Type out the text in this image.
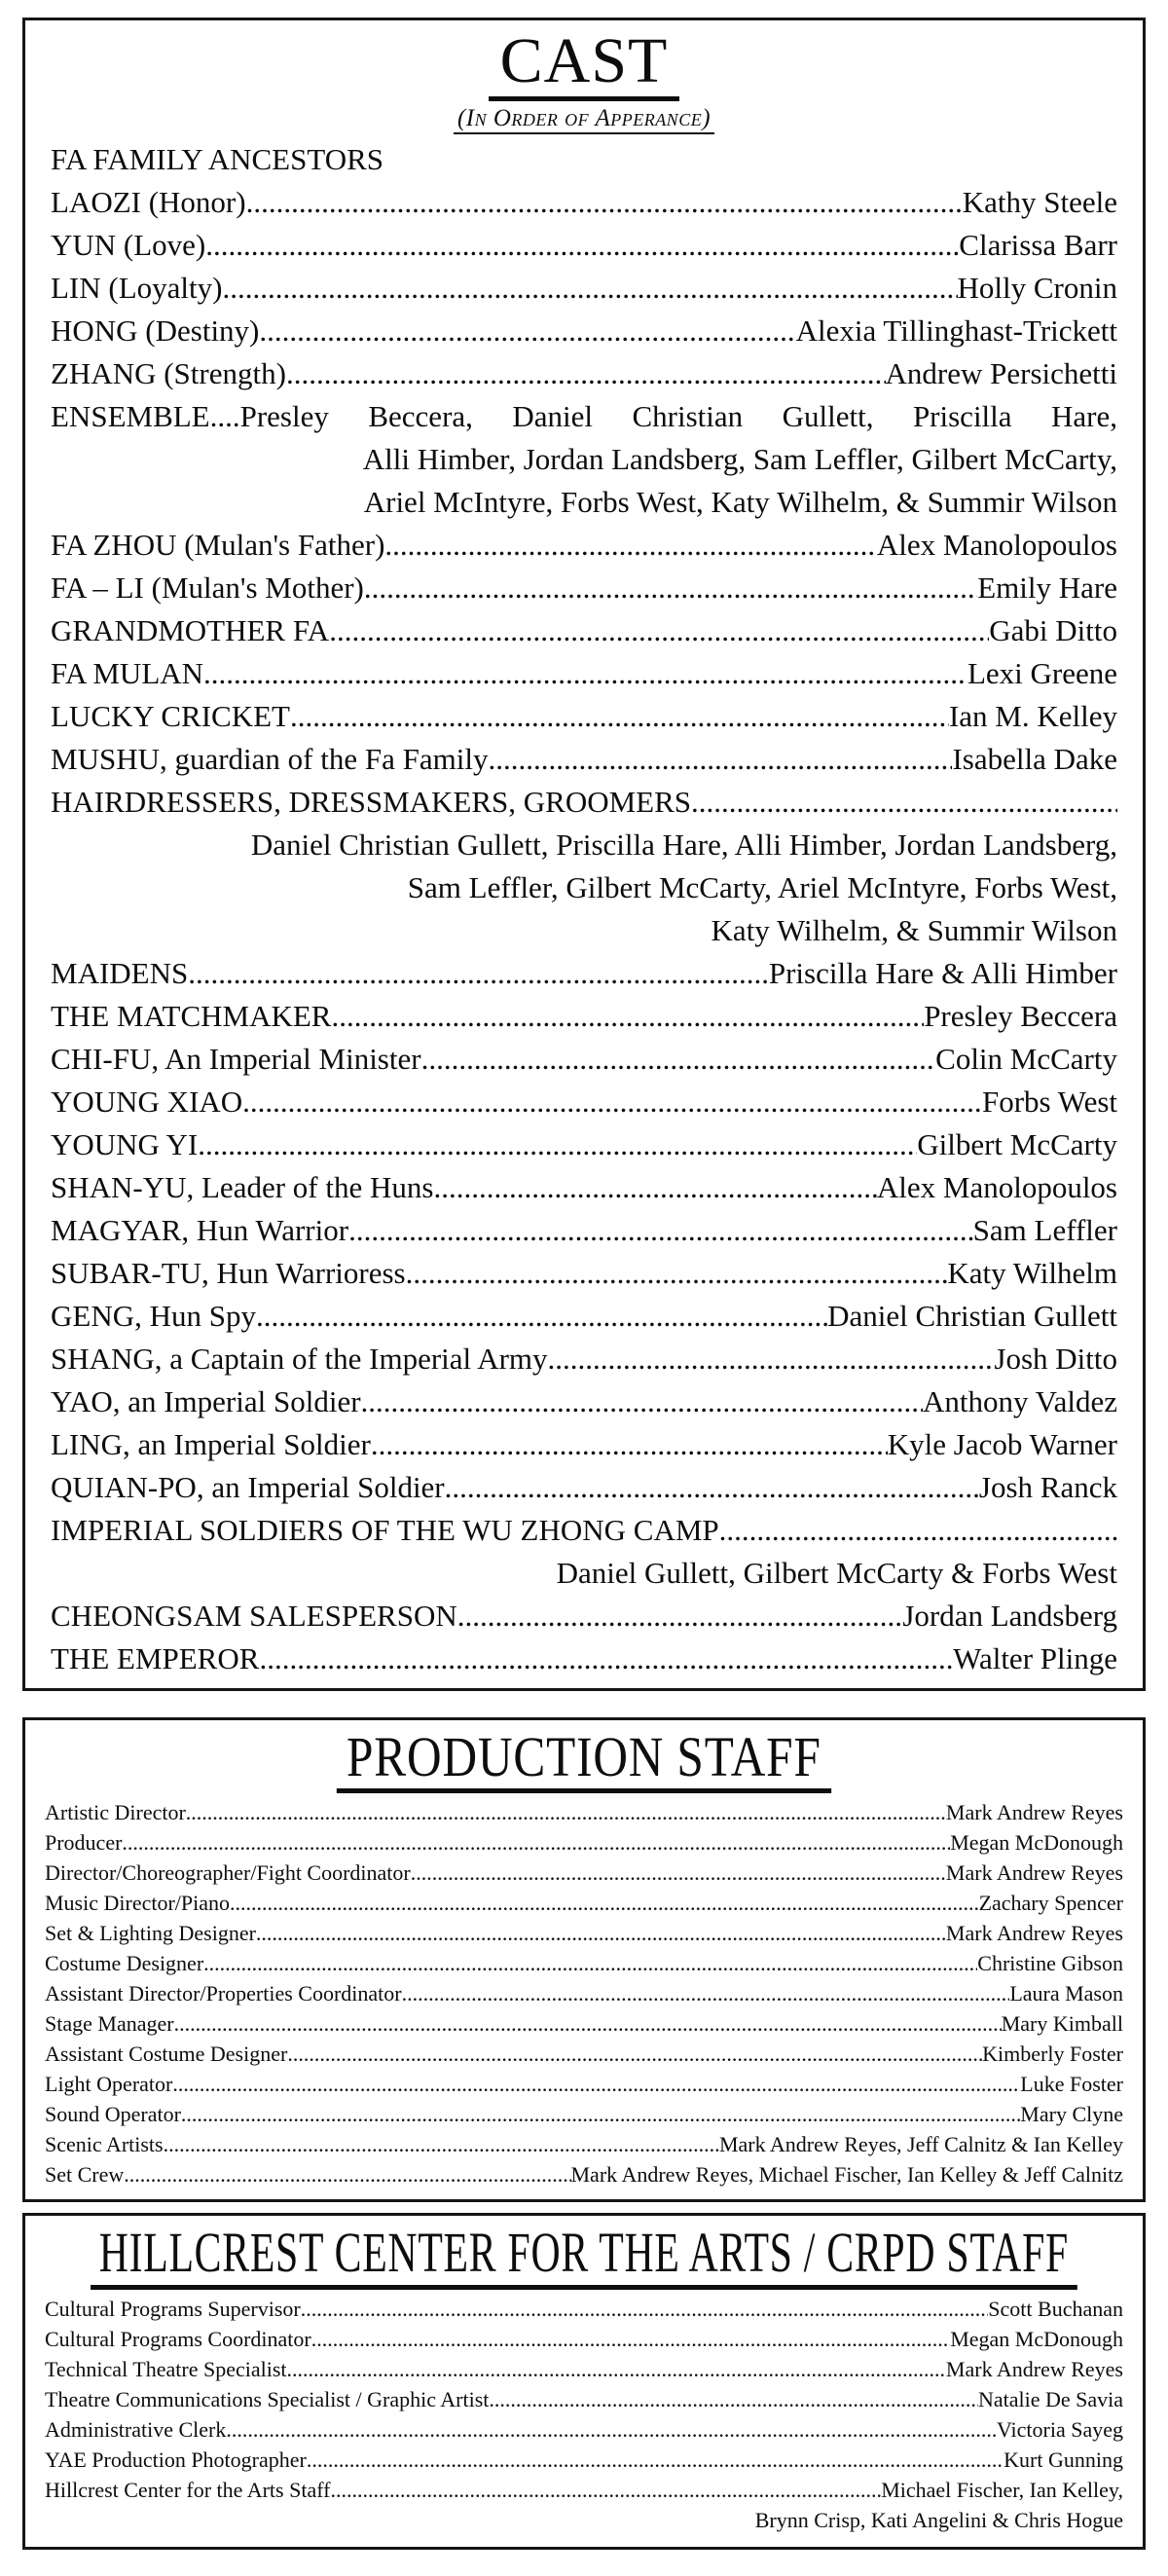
CAST
(In Order of Apperance)
FA FAMILY ANCESTORS
LAOZI (Honor) .....	Kathy Steele
YUN (Love) .....	Clarissa Barr
LIN (Loyalty) .....	Holly Cronin
HONG (Destiny) .....	Alexia Tillinghast-Trickett
ZHANG (Strength) .....	Andrew Persichetti
ENSEMBLE....Presley Beccera, Daniel Christian Gullett, Priscilla Hare,
Alli Himber, Jordan Landsberg, Sam Leffler, Gilbert McCarty,
Ariel McIntyre, Forbs West, Katy Wilhelm, & Summir Wilson
FA ZHOU (Mulan's Father) .....	Alex Manolopoulos
FA – LI (Mulan's Mother) .....	Emily Hare
GRANDMOTHER FA .....	Gabi Ditto
FA MULAN .....	Lexi Greene
LUCKY CRICKET .....	Ian M. Kelley
MUSHU, guardian of the Fa Family .....	Isabella Dake
HAIRDRESSERS, DRESSMAKERS, GROOMERS
.....
Daniel Christian Gullett, Priscilla Hare, Alli Himber, Jordan Landsberg,
Sam Leffler, Gilbert McCarty, Ariel McIntyre, Forbs West,
Katy Wilhelm, & Summir Wilson
MAIDENS .....	Priscilla Hare & Alli Himber
THE MATCHMAKER .....	Presley Beccera
CHI-FU, An Imperial Minister .....	Colin McCarty
YOUNG XIAO .....	Forbs West
YOUNG YI .....	Gilbert McCarty
SHAN-YU, Leader of the Huns .....	Alex Manolopoulos
MAGYAR, Hun Warrior .....	Sam Leffler
SUBAR-TU, Hun Warrioress .....	Katy Wilhelm
GENG, Hun Spy .....	Daniel Christian Gullett
SHANG, a Captain of the Imperial Army .....	Josh Ditto
YAO, an Imperial Soldier .....	Anthony Valdez
LING, an Imperial Soldier .....	Kyle Jacob Warner
QUIAN-PO, an Imperial Soldier .....	Josh Ranck
IMPERIAL SOLDIERS OF THE WU ZHONG CAMP
.....
Daniel Gullett, Gilbert McCarty & Forbs West
CHEONGSAM SALESPERSON .....	Jordan Landsberg
THE EMPEROR .....	Walter Plinge
PRODUCTION STAFF
Artistic Director .....	Mark Andrew Reyes
Producer .....	Megan McDonough
Director/Choreographer/Fight Coordinator .....	Mark Andrew Reyes
Music Director/Piano .....	Zachary Spencer
Set & Lighting Designer .....	Mark Andrew Reyes
Costume Designer .....	Christine Gibson
Assistant Director/Properties Coordinator .....	Laura Mason
Stage Manager .....	Mary Kimball
Assistant Costume Designer .....	Kimberly Foster
Light Operator .....	Luke Foster
Sound Operator .....	Mary Clyne
Scenic Artists .....	Mark Andrew Reyes, Jeff Calnitz & Ian Kelley
Set Crew .....	Mark Andrew Reyes, Michael Fischer, Ian Kelley & Jeff Calnitz
HILLCREST CENTER FOR THE ARTS / CRPD STAFF
Cultural Programs Supervisor .....	Scott Buchanan
Cultural Programs Coordinator .....	Megan McDonough
Technical Theatre Specialist .....	Mark Andrew Reyes
Theatre Communications Specialist / Graphic Artist .....	Natalie De Savia
Administrative Clerk .....	Victoria Sayeg
YAE Production Photographer .....	Kurt Gunning
Hillcrest Center for the Arts Staff .....	Michael Fischer, Ian Kelley,
Brynn Crisp, Kati Angelini & Chris Hogue
